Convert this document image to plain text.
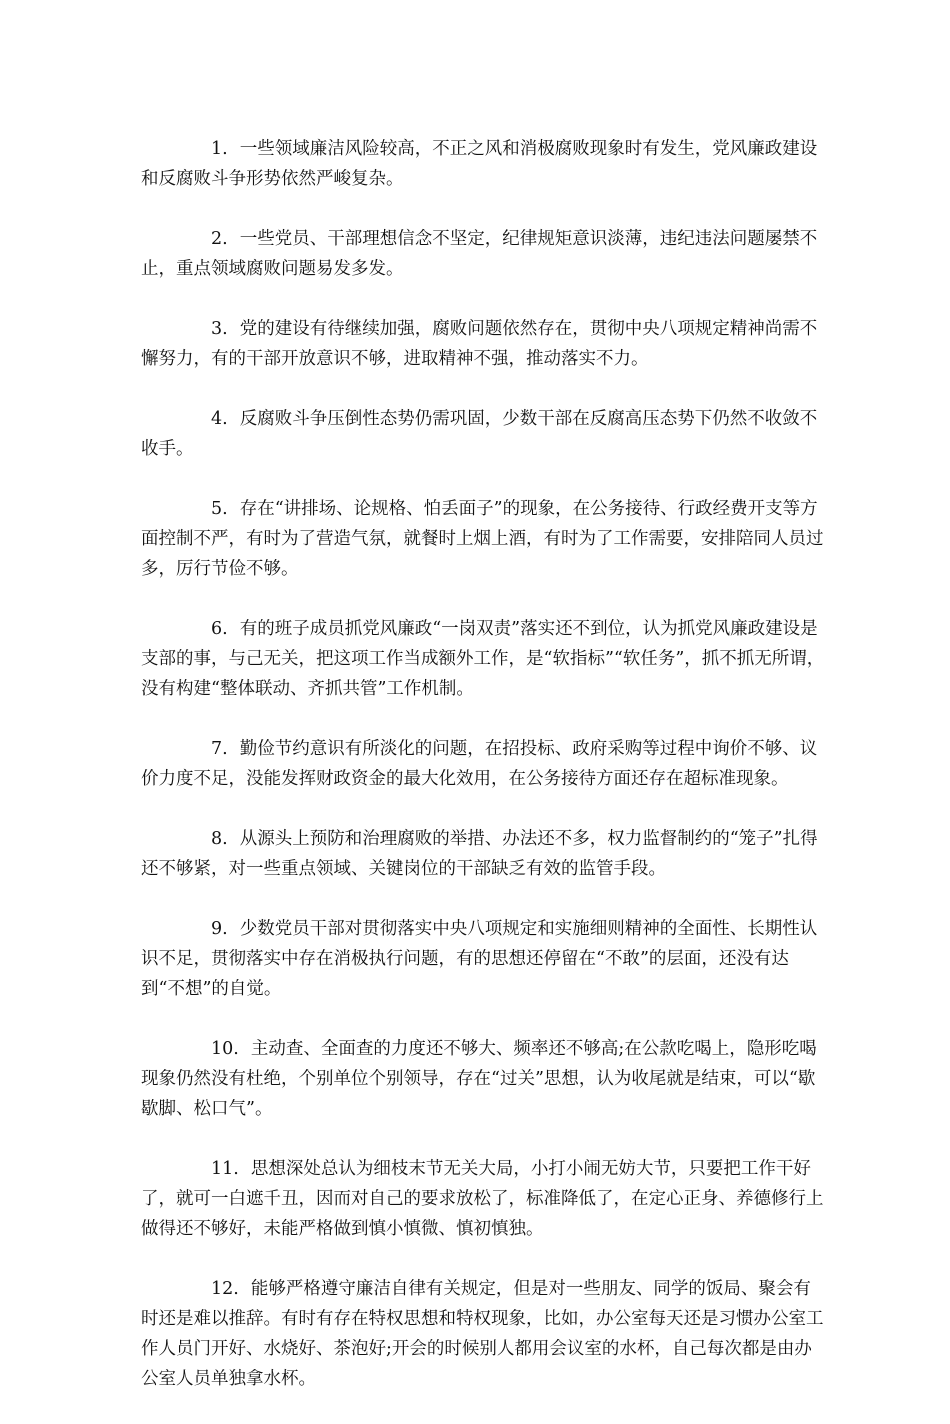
1. 一些领域廉洁风险较高，不正之风和消极腐败现象时有发生，党风廉政建设和反腐败斗争形势依然严峻复杂。

2. 一些党员、干部理想信念不坚定，纪律规矩意识淡薄，违纪违法问题屡禁不止，重点领域腐败问题易发多发。

3. 党的建设有待继续加强，腐败问题依然存在，贯彻中央八项规定精神尚需不懈努力，有的干部开放意识不够，进取精神不强，推动落实不力。

4. 反腐败斗争压倒性态势仍需巩固，少数干部在反腐高压态势下仍然不收敛不收手。

5. 存在“讲排场、论规格、怕丢面子”的现象，在公务接待、行政经费开支等方面控制不严，有时为了营造气氛，就餐时上烟上酒，有时为了工作需要，安排陪同人员过多，厉行节俭不够。

6. 有的班子成员抓党风廉政“一岗双责”落实还不到位，认为抓党风廉政建设是支部的事，与己无关，把这项工作当成额外工作，是“软指标”“软任务”，抓不抓无所谓，没有构建“整体联动、齐抓共管”工作机制。

7. 勤俭节约意识有所淡化的问题，在招投标、政府采购等过程中询价不够、议价力度不足，没能发挥财政资金的最大化效用，在公务接待方面还存在超标准现象。

8. 从源头上预防和治理腐败的举措、办法还不多，权力监督制约的“笼子”扎得还不够紧，对一些重点领域、关键岗位的干部缺乏有效的监管手段。

9. 少数党员干部对贯彻落实中央八项规定和实施细则精神的全面性、长期性认识不足，贯彻落实中存在消极执行问题，有的思想还停留在“不敢”的层面，还没有达到“不想”的自觉。

10. 主动查、全面查的力度还不够大、频率还不够高;在公款吃喝上，隐形吃喝现象仍然没有杜绝，个别单位个别领导，存在“过关”思想，认为收尾就是结束，可以“歇歇脚、松口气”。

11. 思想深处总认为细枝末节无关大局，小打小闹无妨大节，只要把工作干好了，就可一白遮千丑，因而对自己的要求放松了，标准降低了，在定心正身、养德修行上做得还不够好，未能严格做到慎小慎微、慎初慎独。

12. 能够严格遵守廉洁自律有关规定，但是对一些朋友、同学的饭局、聚会有时还是难以推辞。有时有存在特权思想和特权现象，比如，办公室每天还是习惯办公室工作人员门开好、水烧好、茶泡好;开会的时候别人都用会议室的水杯，自己每次都是由办公室人员单独拿水杯。
